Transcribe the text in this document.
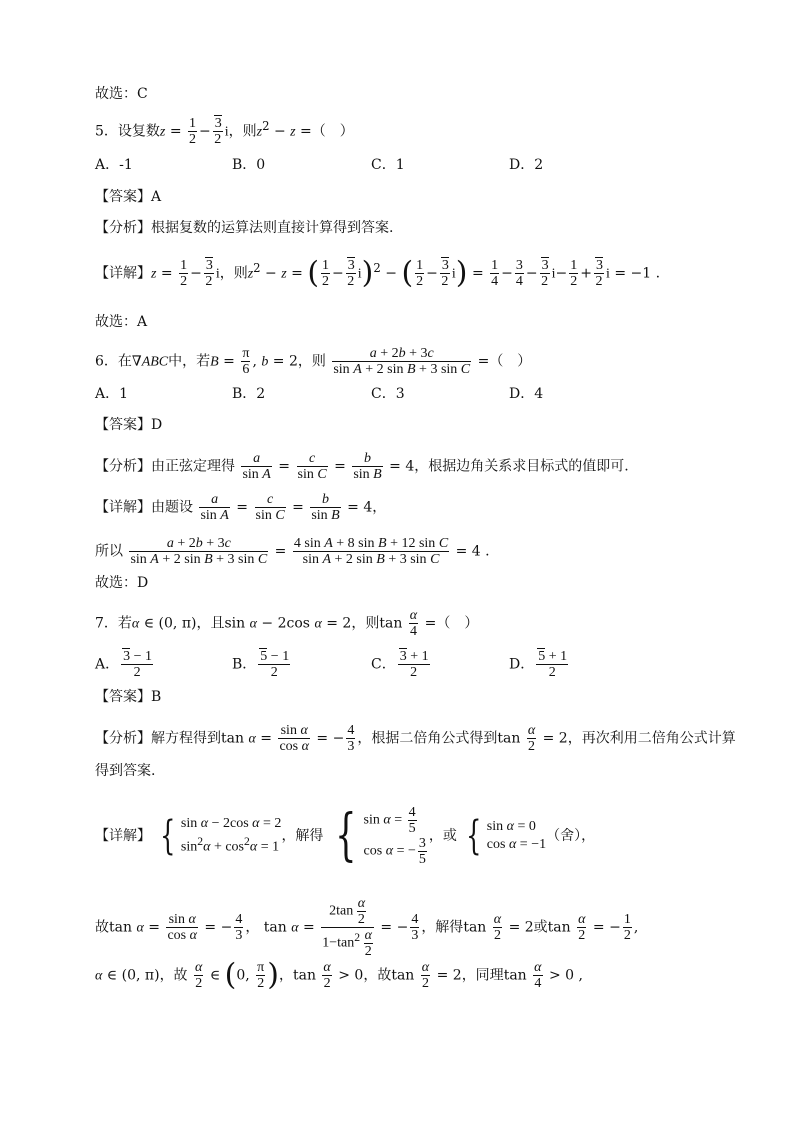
故选：C
5．设复数$z = \frac{1}{2} - \frac{3}{2}$ i，则$z^2 - z$ =（　）
A．-1	B．0	C．1	D．2
【答案】A
【分析】根据复数的运算法则直接计算得到答案.
【详解】$z = \frac{1}{2} - \frac{3}{2}$ i，则$z^2 - z$ = ( $\frac{1}{2} - \frac{3}{2} i)^2$ − ( $\frac{1}{2} - \frac{3}{2} i) = \frac{1}{4} - \frac{3}{4} - \frac{3}{2} i- \frac{1}{2} + \frac{3}{2}$ i = −1 .
故选：A
6．在∇ABC中，若$B = \frac{\pi}{6}$ , b = 2，则 $\frac{a + 2b + 3c}{\text{sin A + 2 sin B + 3 sin C}}$ =（　）
A．1	B．2	C．3	D．4
【答案】D
【分析】由正弦定理得 $\frac{a}{\text{sin A}} = \frac{c}{\text{sin C}} = \frac{b}{\text{sin B}} = 4$，根据边角关系求目标式的值即可.
【详解】由题设 $\frac{a}{\text{sin A}} = \frac{c}{\text{sin C}} = \frac{b}{\text{sin B}} = 4$，
所以 $\frac{a + 2b + 3c}{\text{sin A + 2 sin B + 3 sin C}} = \frac{\text{4 sin A + 8 sin B + 12 sin C}}{\text{sin A + 2 sin B + 3 sin C}} = 4$ .
故选：D
7．若α ∈ (0, π)，且sin α − 2cos α = 2，则$\tan \frac{\alpha}{4}$ =（　）
A． $\frac{3 - 1}{2}$	B． $\frac{5 - 1}{2}$	C． $\frac{3 + 1}{2}$	D． $\frac{5 + 1}{2}$
【答案】B
【分析】解方程得到$\tan \alpha = \frac{\text{sin α}}{\text{cos α}}$ = − $\frac{4}{3}$ ，根据二倍角公式得到$\tan \frac{\alpha}{2} = 2$，再次利用二倍角公式计算
得到答案.
【详解】 { sin α − 2cos α = 2
$\sin^2\alpha + \cos^2\alpha = 1$，解得 { $\sin \alpha = \frac{4}{5}$

cos α = − $\frac{3}{5}$ ，或 { sin α = 0
cos α = −1（舍），
故$\tan \alpha = \frac{\text{sin α}}{\text{cos α}}$ = − $\frac{4}{3}$ ， $\tan \alpha = \frac{2\tan \frac{\alpha}{2}}{1-\tan^2 \frac{\alpha}{2}}$ = − $\frac{4}{3}$ ，解得$\tan \frac{\alpha}{2} = 2$或$\tan \frac{\alpha}{2}$ = − $\frac{1}{2}$ ,
α ∈ (0, π)，故 $\frac{\alpha}{2}$ ∈ (0, $\frac{\pi}{2}$ )，$\tan \frac{\alpha}{2} > 0$，故$\tan \frac{\alpha}{2} = 2$，同理$\tan \frac{\alpha}{4} > 0$ ,
